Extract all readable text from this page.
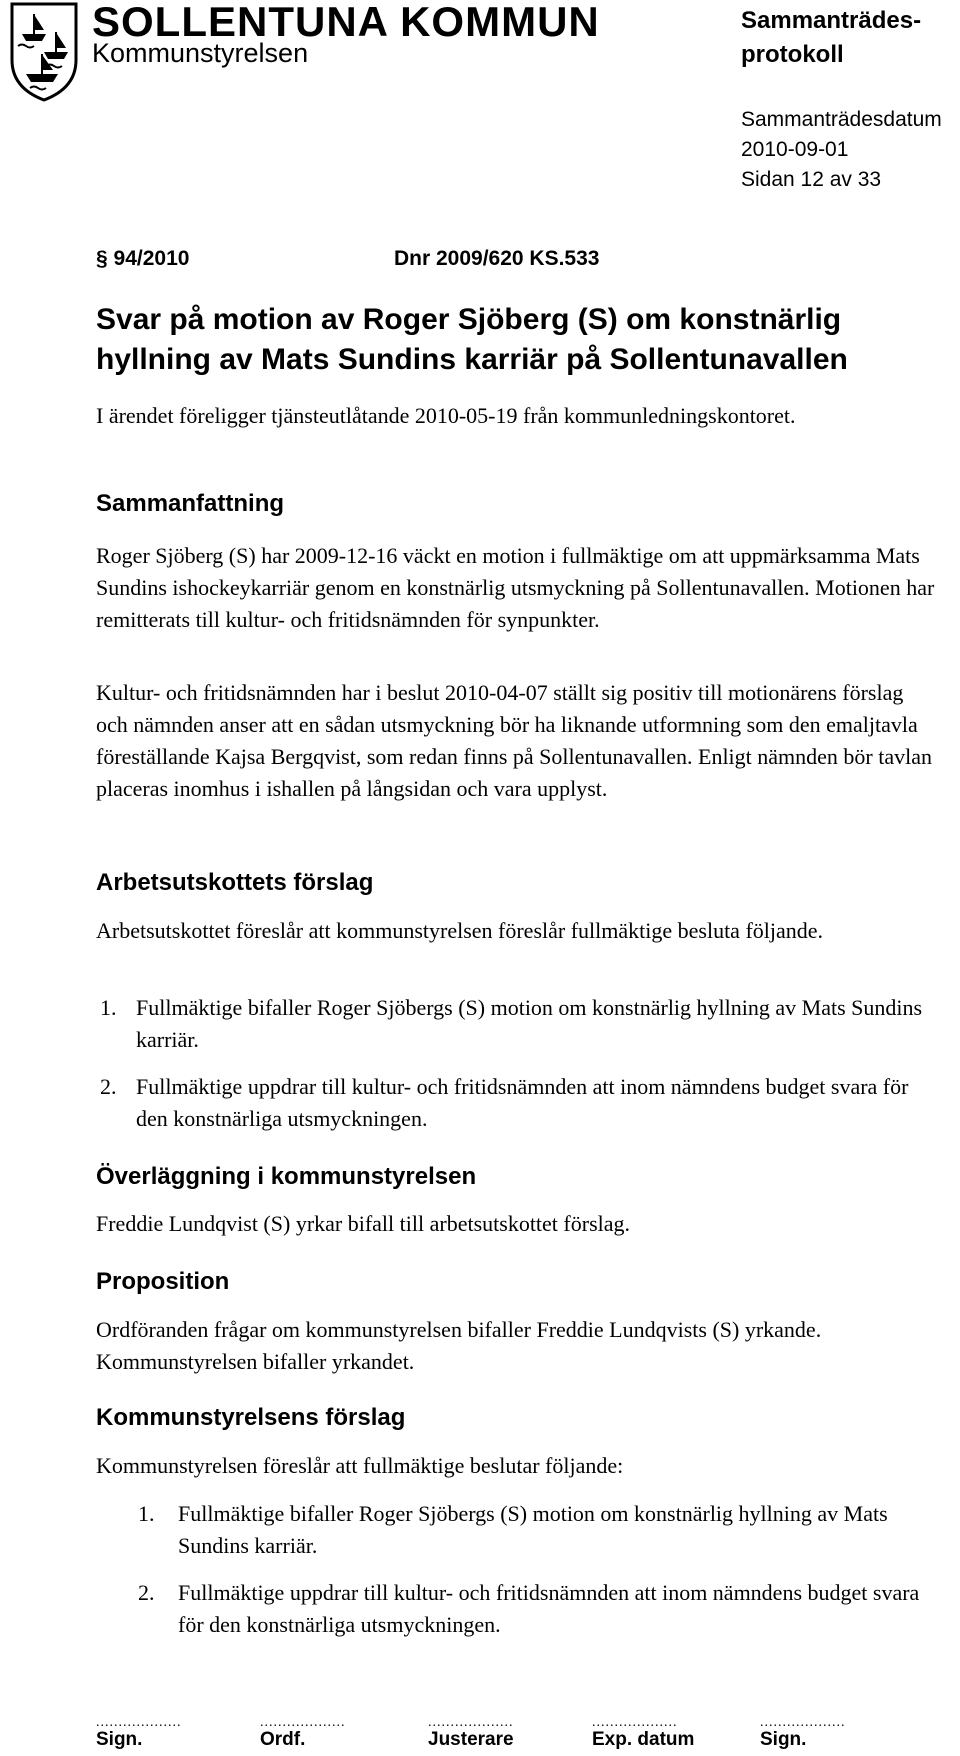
SOLLENTUNA KOMMUN
Kommunstyrelsen
Sammanträdes-
protokoll
Sammanträdesdatum
2010-09-01
Sidan 12 av 33
§ 94/2010	Dnr 2009/620 KS.533
Svar på motion av Roger Sjöberg (S) om konstnärlig hyllning av Mats Sundins karriär på Sollentunavallen

I ärendet föreligger tjänsteutlåtande 2010-05-19 från kommunledningskontoret.

Sammanfattning

Roger Sjöberg (S) har 2009-12-16 väckt en motion i fullmäktige om att uppmärksamma Mats Sundins ishockeykarriär genom en konstnärlig utsmyckning på Sollentunavallen. Motionen har remitterats till kultur- och fritidsnämnden för synpunkter.

Kultur- och fritidsnämnden har i beslut 2010-04-07 ställt sig positiv till motionärens förslag och nämnden anser att en sådan utsmyckning bör ha liknande utformning som den emaljtavla föreställande Kajsa Bergqvist, som redan finns på Sollentunavallen. Enligt nämnden bör tavlan placeras inomhus i ishallen på långsidan och vara upplyst.

Arbetsutskottets förslag

Arbetsutskottet föreslår att kommunstyrelsen föreslår fullmäktige besluta följande.

1. Fullmäktige bifaller Roger Sjöbergs (S) motion om konstnärlig hyllning av Mats Sundins karriär.
2. Fullmäktige uppdrar till kultur- och fritidsnämnden att inom nämndens budget svara för den konstnärliga utsmyckningen.
Överläggning i kommunstyrelsen

Freddie Lundqvist (S) yrkar bifall till arbetsutskottet förslag.

Proposition

Ordföranden frågar om kommunstyrelsen bifaller Freddie Lundqvists (S) yrkande. Kommunstyrelsen bifaller yrkandet.

Kommunstyrelsens förslag

Kommunstyrelsen föreslår att fullmäktige beslutar följande:

1.	Fullmäktige bifaller Roger Sjöbergs (S) motion om konstnärlig hyllning av Mats Sundins karriär.
2.	Fullmäktige uppdrar till kultur- och fritidsnämnden att inom nämndens budget svara för den konstnärliga utsmyckningen.
...................	...................	...................	...................	...................
Sign.	Ordf.	Justerare	Exp. datum	Sign.
